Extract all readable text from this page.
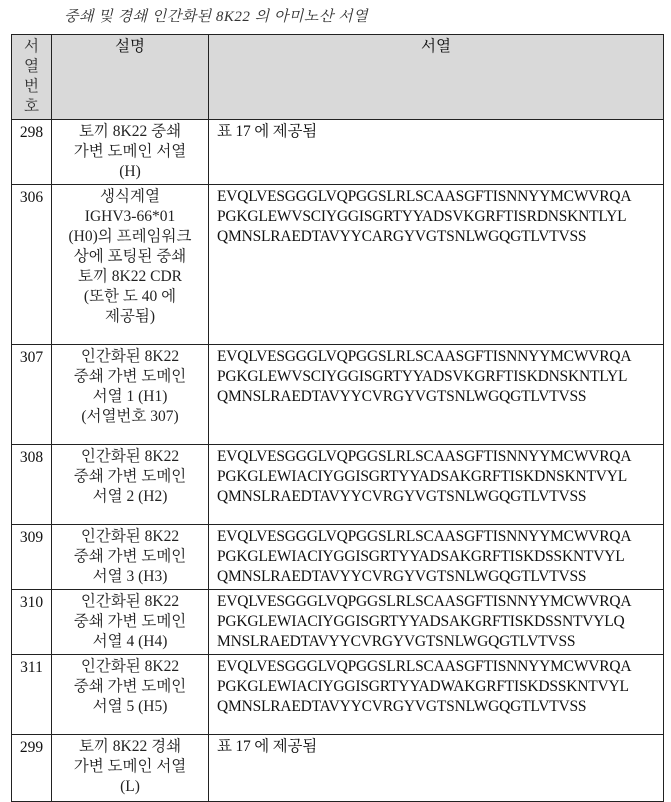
중쇄 및 경쇄 인간화된 8K22 의 아미노산 서열
서
열
번
호
	설명	서열
298	토끼 8K22 중쇄
가변 도메인 서열
(H)

표 17 에 제공됨

306	생식계열
IGHV3-66*01
(H0)의 프레임워크
상에 포팅된 중쇄
토끼 8K22 CDR
(또한 도 40 에
제공됨)

EVQLVESGGGLVQPGGSLRLSCAASGFTISNNYYMCWVRQA
PGKGLEWVSCIYGGISGRTYYADSVKGRFTISRDNSKNTLYL
QMNSLRAEDTAVYYCARGYVGTSNLWGQGTLVTVSS

307	인간화된 8K22
중쇄 가변 도메인
서열 1 (H1)
(서열번호 307)

EVQLVESGGGLVQPGGSLRLSCAASGFTISNNYYMCWVRQA
PGKGLEWVSCIYGGISGRTYYADSVKGRFTISKDNSKNTLYL
QMNSLRAEDTAVYYCVRGYVGTSNLWGQGTLVTVSS

308	인간화된 8K22
중쇄 가변 도메인
서열 2 (H2)

EVQLVESGGGLVQPGGSLRLSCAASGFTISNNYYMCWVRQA
PGKGLEWIACIYGGISGRTYYADSAKGRFTISKDNSKNTVYL
QMNSLRAEDTAVYYCVRGYVGTSNLWGQGTLVTVSS

309	인간화된 8K22
중쇄 가변 도메인
서열 3 (H3)

EVQLVESGGGLVQPGGSLRLSCAASGFTISNNYYMCWVRQA
PGKGLEWIACIYGGISGRTYYADSAKGRFTISKDSSKNTVYL
QMNSLRAEDTAVYYCVRGYVGTSNLWGQGTLVTVSS

310	인간화된 8K22
중쇄 가변 도메인
서열 4 (H4)

EVQLVESGGGLVQPGGSLRLSCAASGFTISNNYYMCWVRQA
PGKGLEWIACIYGGISGRTYYADSAKGRFTISKDSSNTVYLQ
MNSLRAEDTAVYYCVRGYVGTSNLWGQGTLVTVSS

311	인간화된 8K22
중쇄 가변 도메인
서열 5 (H5)

EVQLVESGGGLVQPGGSLRLSCAASGFTISNNYYMCWVRQA
PGKGLEWIACIYGGISGRTYYADWAKGRFTISKDSSKNTVYL
QMNSLRAEDTAVYYCVRGYVGTSNLWGQGTLVTVSS

299	토끼 8K22 경쇄
가변 도메인 서열
(L)

표 17 에 제공됨
